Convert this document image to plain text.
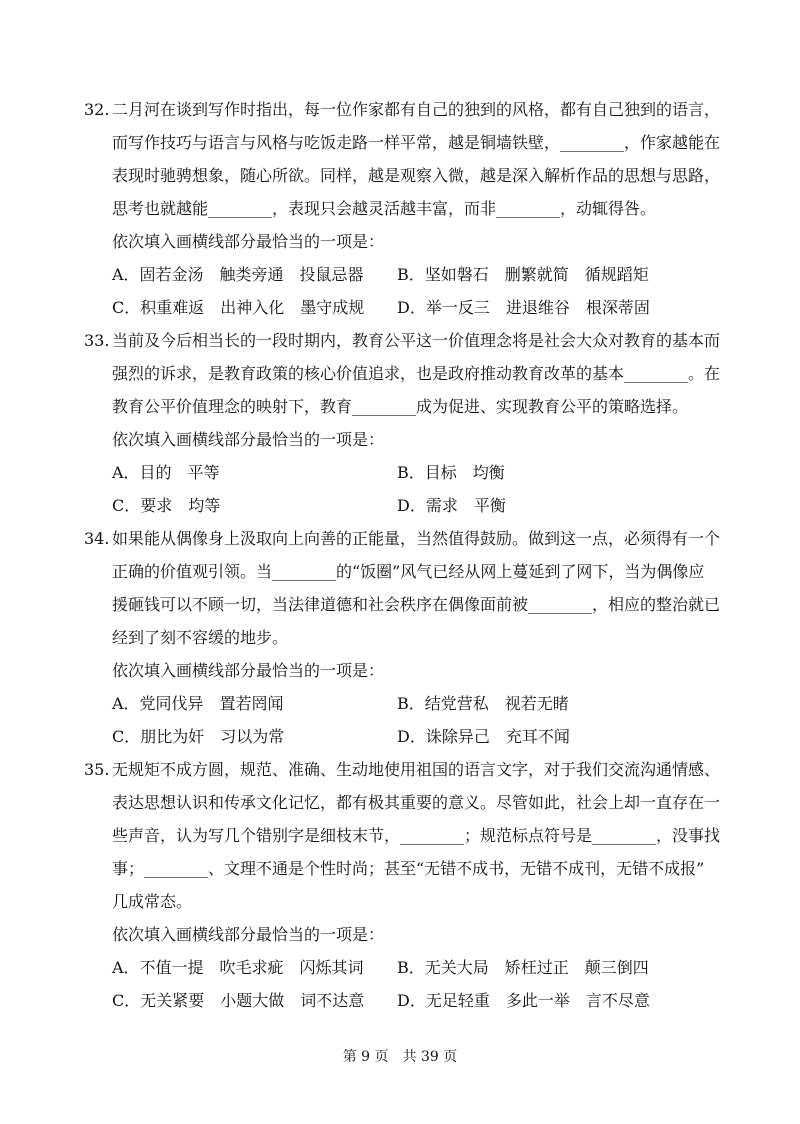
32. 二月河在谈到写作时指出，每一位作家都有自己的独到的风格，都有自己独到的语言，
而写作技巧与语言与风格与吃饭走路一样平常，越是铜墙铁壁，________，作家越能在
表现时驰骋想象，随心所欲。同样，越是观察入微，越是深入解析作品的思想与思路，
思考也就越能________，表现只会越灵活越丰富，而非________，动辄得咎。
依次填入画横线部分最恰当的一项是：
A．固若金汤　触类旁通　投鼠忌器 B．坚如磐石　删繁就简　循规蹈矩
C．积重难返　出神入化　墨守成规 D．举一反三　进退维谷　根深蒂固
33. 当前及今后相当长的一段时期内，教育公平这一价值理念将是社会大众对教育的基本而
强烈的诉求，是教育政策的核心价值追求，也是政府推动教育改革的基本________。在
教育公平价值理念的映射下，教育________成为促进、实现教育公平的策略选择。
依次填入画横线部分最恰当的一项是：
A．目的　平等	B．目标　均衡
C．要求　均等	D．需求　平衡
34. 如果能从偶像身上汲取向上向善的正能量，当然值得鼓励。做到这一点，必须得有一个
正确的价值观引领。当________的“饭圈”风气已经从网上蔓延到了网下，当为偶像应
援砸钱可以不顾一切，当法律道德和社会秩序在偶像面前被________，相应的整治就已
经到了刻不容缓的地步。
依次填入画横线部分最恰当的一项是：
A．党同伐异　置若罔闻	B．结党营私　视若无睹
C．朋比为奸　习以为常	D．诛除异己　充耳不闻
35. 无规矩不成方圆，规范、准确、生动地使用祖国的语言文字，对于我们交流沟通情感、
表达思想认识和传承文化记忆，都有极其重要的意义。尽管如此，社会上却一直存在一
些声音，认为写几个错别字是细枝末节，________；规范标点符号是________，没事找
事；________、文理不通是个性时尚；甚至“无错不成书，无错不成刊，无错不成报”
几成常态。
依次填入画横线部分最恰当的一项是：
A．不值一提　吹毛求疵　闪烁其词 B．无关大局　矫枉过正　颠三倒四
C．无关紧要　小题大做　词不达意 D．无足轻重　多此一举　言不尽意
第 9 页　共 39 页
